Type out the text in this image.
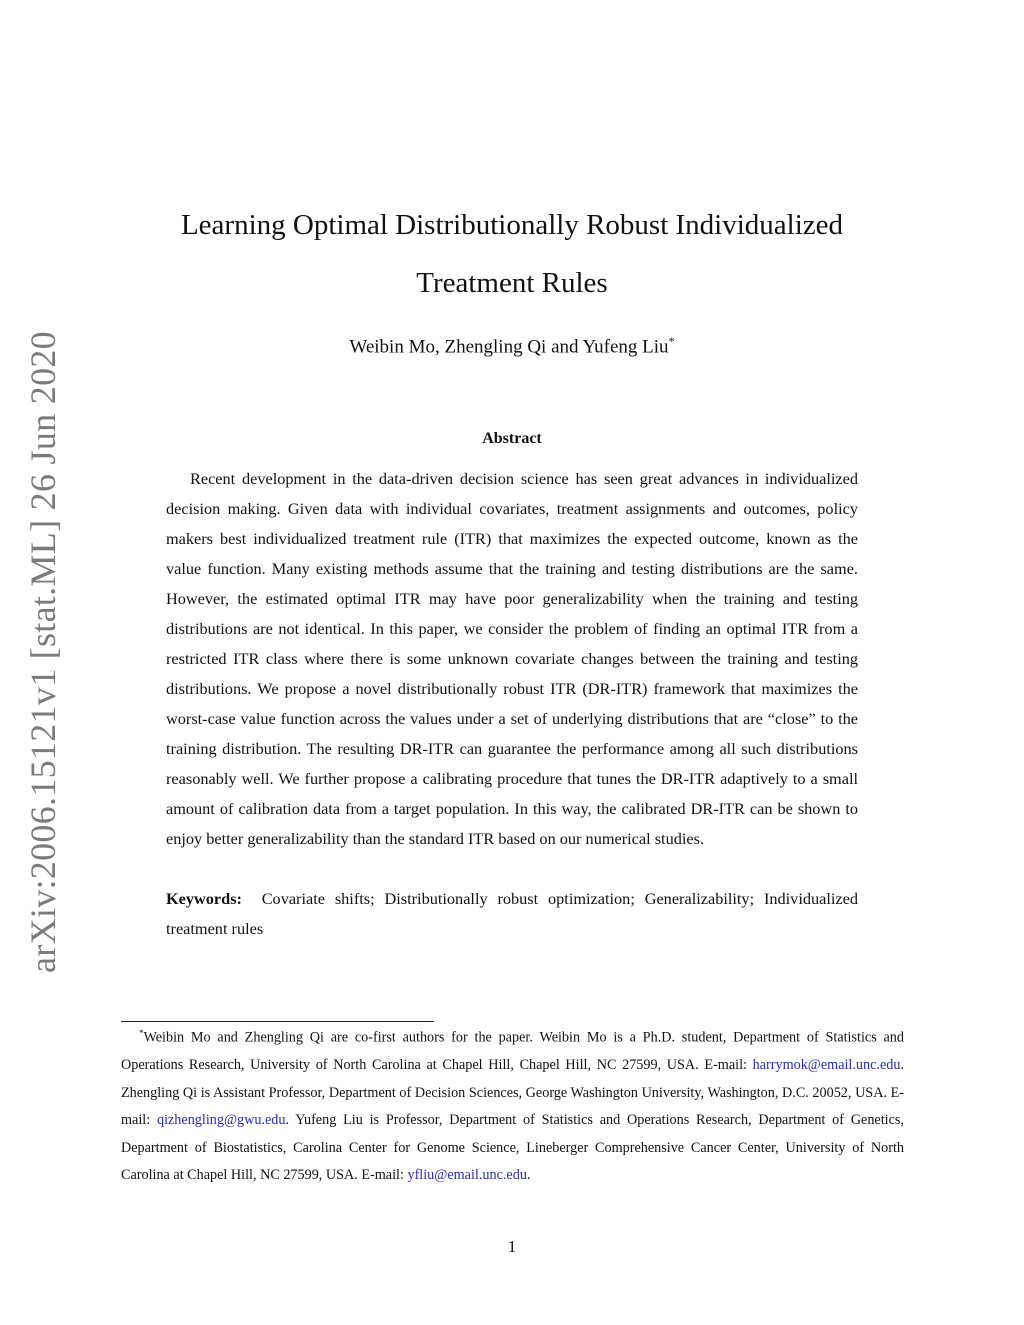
arXiv:2006.15121v1 [stat.ML] 26 Jun 2020
Learning Optimal Distributionally Robust Individualized
Treatment Rules
Weibin Mo, Zhengling Qi and Yufeng Liu*
Abstract

Recent development in the data-driven decision science has seen great advances in individualized decision making. Given data with individual covariates, treatment assignments and outcomes, policy makers best individualized treatment rule (ITR) that maximizes the expected outcome, known as the value function. Many existing methods assume that the training and testing distributions are the same. However, the estimated optimal ITR may have poor generalizability when the training and testing distributions are not identical. In this paper, we consider the problem of finding an optimal ITR from a restricted ITR class where there is some unknown covariate changes between the training and testing distributions. We propose a novel distributionally robust ITR (DR-ITR) framework that maximizes the worst-case value function across the values under a set of underlying distributions that are “close” to the training distribution. The resulting DR-ITR can guarantee the performance among all such distributions reasonably well. We further propose a calibrating procedure that tunes the DR-ITR adaptively to a small amount of calibration data from a target population. In this way, the calibrated DR-ITR can be shown to enjoy better generalizability than the standard ITR based on our numerical studies.

Keywords: Covariate shifts; Distributionally robust optimization; Generalizability; Individualized treatment rules

*Weibin Mo and Zhengling Qi are co-first authors for the paper. Weibin Mo is a Ph.D. student, Department of Statistics and Operations Research, University of North Carolina at Chapel Hill, Chapel Hill, NC 27599, USA. E-mail: harrymok@email.unc.edu. Zhengling Qi is Assistant Professor, Department of Decision Sciences, George Washington University, Washington, D.C. 20052, USA. E-mail: qizhengling@gwu.edu. Yufeng Liu is Professor, Department of Statistics and Operations Research, Department of Genetics, Department of Biostatistics, Carolina Center for Genome Science, Lineberger Comprehensive Cancer Center, University of North Carolina at Chapel Hill, NC 27599, USA. E-mail: yfliu@email.unc.edu.

1
